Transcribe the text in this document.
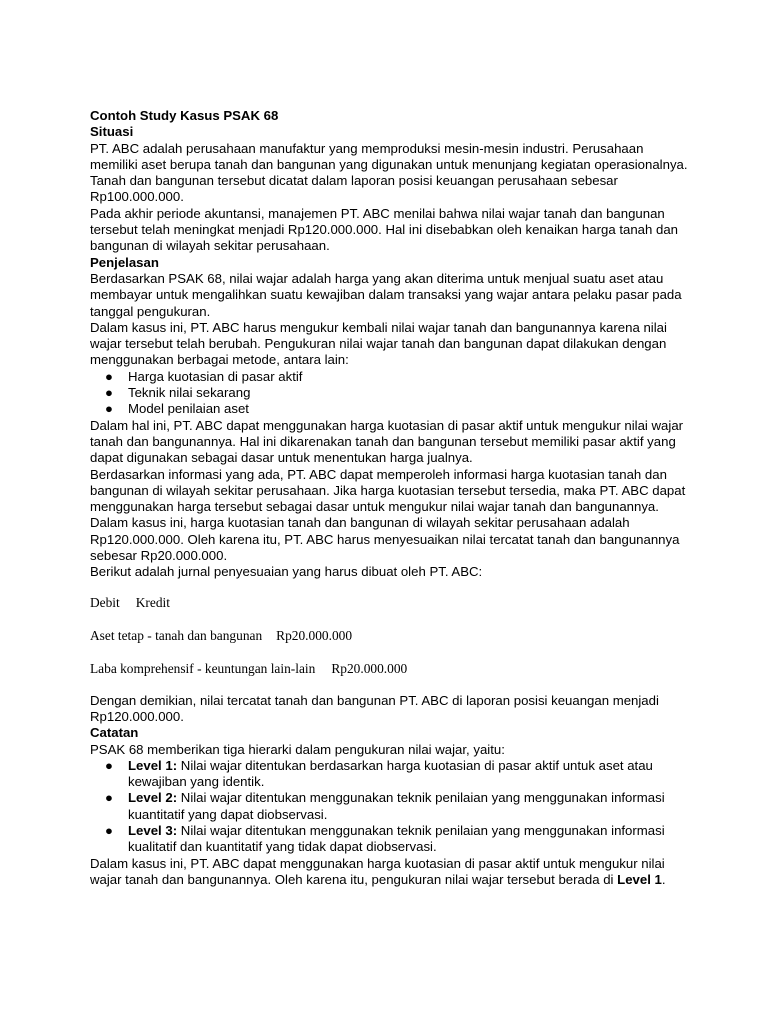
Contoh Study Kasus PSAK 68

Situasi

PT. ABC adalah perusahaan manufaktur yang memproduksi mesin-mesin industri. Perusahaan memiliki aset berupa tanah dan bangunan yang digunakan untuk menunjang kegiatan operasionalnya. Tanah dan bangunan tersebut dicatat dalam laporan posisi keuangan perusahaan sebesar Rp100.000.000.

Pada akhir periode akuntansi, manajemen PT. ABC menilai bahwa nilai wajar tanah dan bangunan tersebut telah meningkat menjadi Rp120.000.000. Hal ini disebabkan oleh kenaikan harga tanah dan bangunan di wilayah sekitar perusahaan.

Penjelasan

Berdasarkan PSAK 68, nilai wajar adalah harga yang akan diterima untuk menjual suatu aset atau membayar untuk mengalihkan suatu kewajiban dalam transaksi yang wajar antara pelaku pasar pada tanggal pengukuran.

Dalam kasus ini, PT. ABC harus mengukur kembali nilai wajar tanah dan bangunannya karena nilai wajar tersebut telah berubah. Pengukuran nilai wajar tanah dan bangunan dapat dilakukan dengan menggunakan berbagai metode, antara lain:

● Harga kuotasian di pasar aktif
● Teknik nilai sekarang
● Model penilaian aset

Dalam hal ini, PT. ABC dapat menggunakan harga kuotasian di pasar aktif untuk mengukur nilai wajar tanah dan bangunannya. Hal ini dikarenakan tanah dan bangunan tersebut memiliki pasar aktif yang dapat digunakan sebagai dasar untuk menentukan harga jualnya.

Berdasarkan informasi yang ada, PT. ABC dapat memperoleh informasi harga kuotasian tanah dan bangunan di wilayah sekitar perusahaan. Jika harga kuotasian tersebut tersedia, maka PT. ABC dapat menggunakan harga tersebut sebagai dasar untuk mengukur nilai wajar tanah dan bangunannya.

Dalam kasus ini, harga kuotasian tanah dan bangunan di wilayah sekitar perusahaan adalah Rp120.000.000. Oleh karena itu, PT. ABC harus menyesuaikan nilai tercatat tanah dan bangunannya sebesar Rp20.000.000.

Berikut adalah jurnal penyesuaian yang harus dibuat oleh PT. ABC:

Debit Kredit

Aset tetap - tanah dan bangunan Rp20.000.000

Laba komprehensif - keuntungan lain-lain Rp20.000.000

Dengan demikian, nilai tercatat tanah dan bangunan PT. ABC di laporan posisi keuangan menjadi Rp120.000.000.

Catatan

PSAK 68 memberikan tiga hierarki dalam pengukuran nilai wajar, yaitu:

● Level 1: Nilai wajar ditentukan berdasarkan harga kuotasian di pasar aktif untuk aset atau kewajiban yang identik.
● Level 2: Nilai wajar ditentukan menggunakan teknik penilaian yang menggunakan informasi kuantitatif yang dapat diobservasi.
● Level 3: Nilai wajar ditentukan menggunakan teknik penilaian yang menggunakan informasi kualitatif dan kuantitatif yang tidak dapat diobservasi.

Dalam kasus ini, PT. ABC dapat menggunakan harga kuotasian di pasar aktif untuk mengukur nilai wajar tanah dan bangunannya. Oleh karena itu, pengukuran nilai wajar tersebut berada di Level 1.
